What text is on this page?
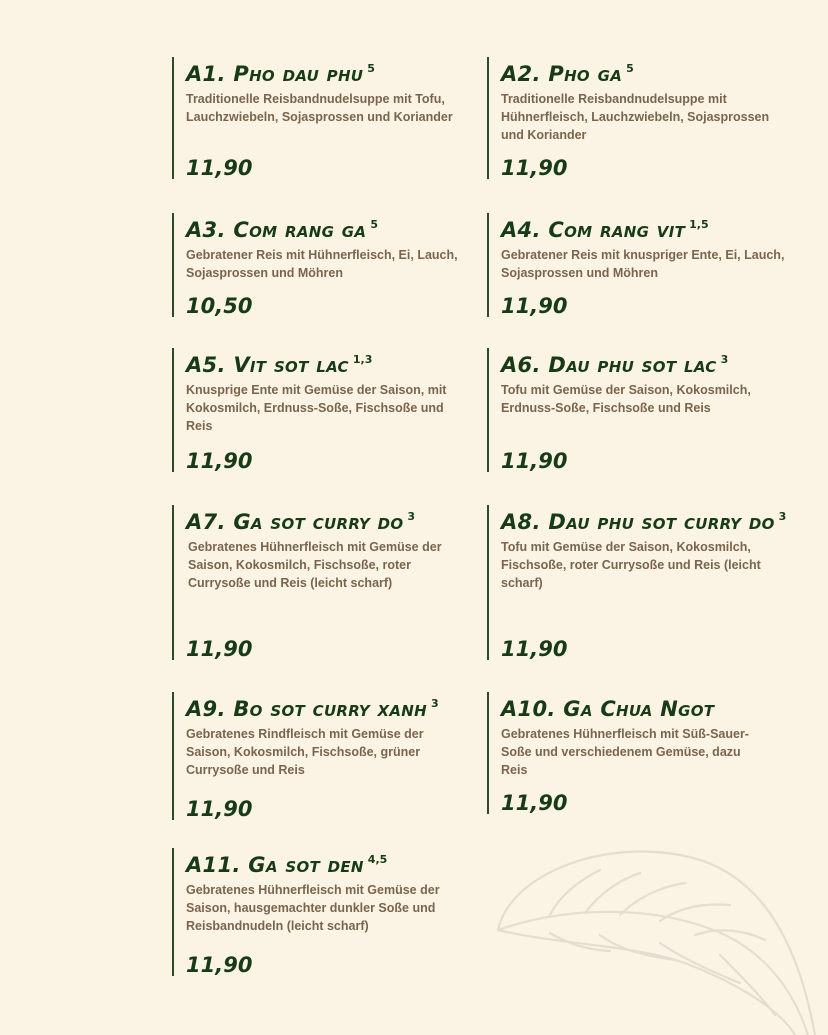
A1. Pho dau phu $^5$
Traditionelle Reisbandnudelsuppe mit Tofu, Lauchzwiebeln, Sojasprossen und Koriander
11,90
A2. Pho ga $^5$
Traditionelle Reisbandnudelsuppe mit Hühnerfleisch, Lauchzwiebeln, Sojasprossen und Koriander
11,90
A3. Com rang ga $^5$
Gebratener Reis mit Hühnerfleisch, Ei, Lauch, Sojasprossen und Möhren
10,50
A4. Com rang vit $^{1,5}$
Gebratener Reis mit knuspriger Ente, Ei, Lauch, Sojasprossen und Möhren
11,90
A5. Vit sot lac $^{1,3}$
Knusprige Ente mit Gemüse der Saison, mit Kokosmilch, Erdnuss-Soße, Fischsoße und Reis
11,90
A6. Dau phu sot lac $^3$
Tofu mit Gemüse der Saison, Kokosmilch, Erdnuss-Soße, Fischsoße und Reis
11,90
A7. Ga sot curry do $^3$
Gebratenes Hühnerfleisch mit Gemüse der Saison, Kokosmilch, Fischsoße, roter Currysoße und Reis (leicht scharf)
11,90
A8. Dau phu sot curry do $^3$
Tofu mit Gemüse der Saison, Kokosmilch, Fischsoße, roter Currysoße und Reis (leicht scharf)
11,90
A9. Bo sot curry xanh $^3$
Gebratenes Rindfleisch mit Gemüse der Saison, Kokosmilch, Fischsoße, grüner Currysoße und Reis
11,90
A10. Ga Chua Ngot
Gebratenes Hühnerfleisch mit Süß-Sauer-Soße und verschiedenem Gemüse, dazu Reis
11,90
A11. Ga sot den $^{4,5}$
Gebratenes Hühnerfleisch mit Gemüse der Saison, hausgemachter dunkler Soße und Reisbandnudeln (leicht scharf)
11,90
